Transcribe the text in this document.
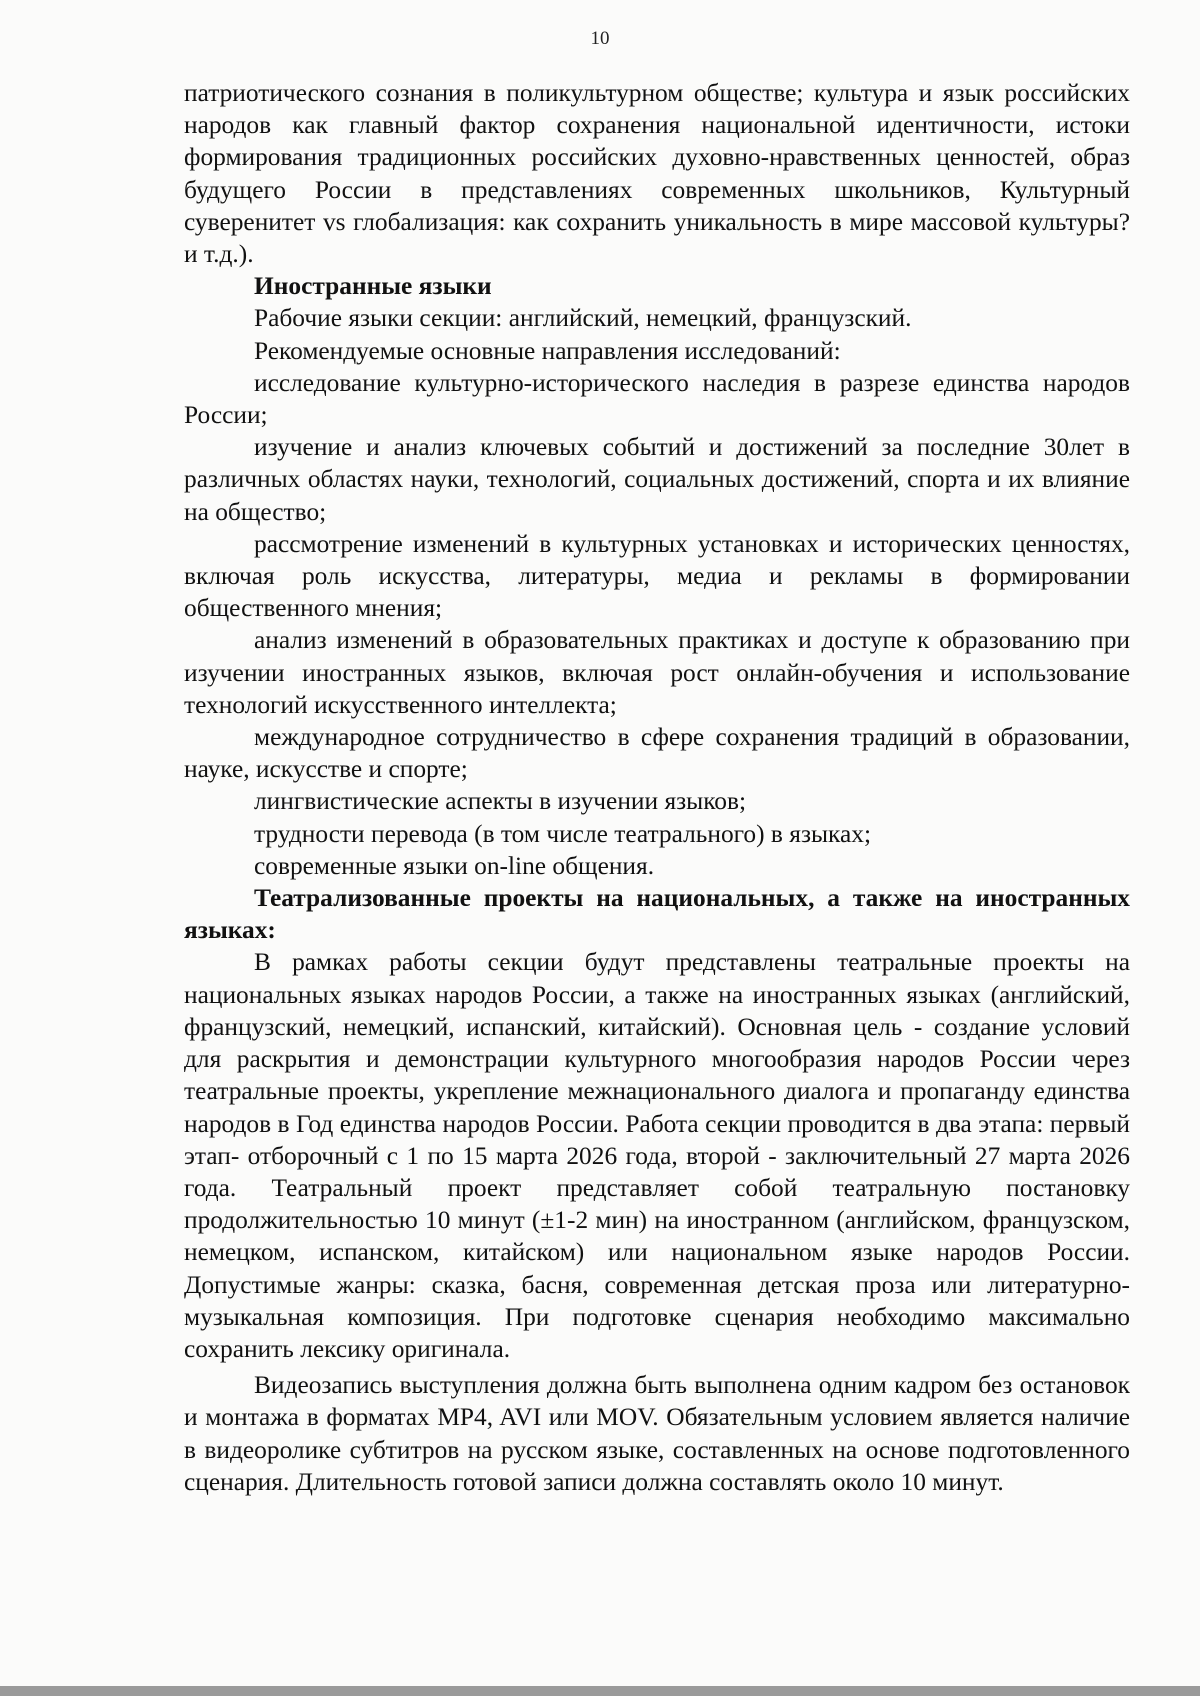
10

патриотического сознания в поликультурном обществе; культура и язык российских народов как главный фактор сохранения национальной идентичности, истоки формирования традиционных российских духовно-нравственных ценностей, образ будущего России в представлениях современных школьников, Культурный суверенитет vs глобализация: как сохранить уникальность в мире массовой культуры? и т.д.).

Иностранные языки

Рабочие языки секции: английский, немецкий, французский.

Рекомендуемые основные направления исследований:

исследование культурно-исторического наследия в разрезе единства народов России;

изучение и анализ ключевых событий и достижений за последние 30лет в различных областях науки, технологий, социальных достижений, спорта и их влияние на общество;

рассмотрение изменений в культурных установках и исторических ценностях, включая роль искусства, литературы, медиа и рекламы в формировании общественного мнения;

анализ изменений в образовательных практиках и доступе к образованию при изучении иностранных языков, включая рост онлайн-обучения и использование технологий искусственного интеллекта;

международное сотрудничество в сфере сохранения традиций в образовании, науке, искусстве и спорте;

лингвистические аспекты в изучении языков;

трудности перевода (в том числе театрального) в языках;

современные языки on-line общения.

Театрализованные проекты на национальных, а также на иностранных языках:

В рамках работы секции будут представлены театральные проекты на национальных языках народов России, а также на иностранных языках (английский, французский, немецкий, испанский, китайский). Основная цель - создание условий для раскрытия и демонстрации культурного многообразия народов России через театральные проекты, укрепление межнационального диалога и пропаганду единства народов в Год единства народов России. Работа секции проводится в два этапа: первый этап- отборочный с 1 по 15 марта 2026 года, второй - заключительный 27 марта 2026 года. Театральный проект представляет собой театральную постановку продолжительностью 10 минут (±1-2 мин) на иностранном (английском, французском, немецком, испанском, китайском) или национальном языке народов России. Допустимые жанры: сказка, басня, современная детская проза или литературно-музыкальная композиция. При подготовке сценария необходимо максимально сохранить лексику оригинала.

Видеозапись выступления должна быть выполнена одним кадром без остановок и монтажа в форматах MP4, AVI или MOV. Обязательным условием является наличие в видеоролике субтитров на русском языке, составленных на основе подготовленного сценария. Длительность готовой записи должна составлять около 10 минут.
